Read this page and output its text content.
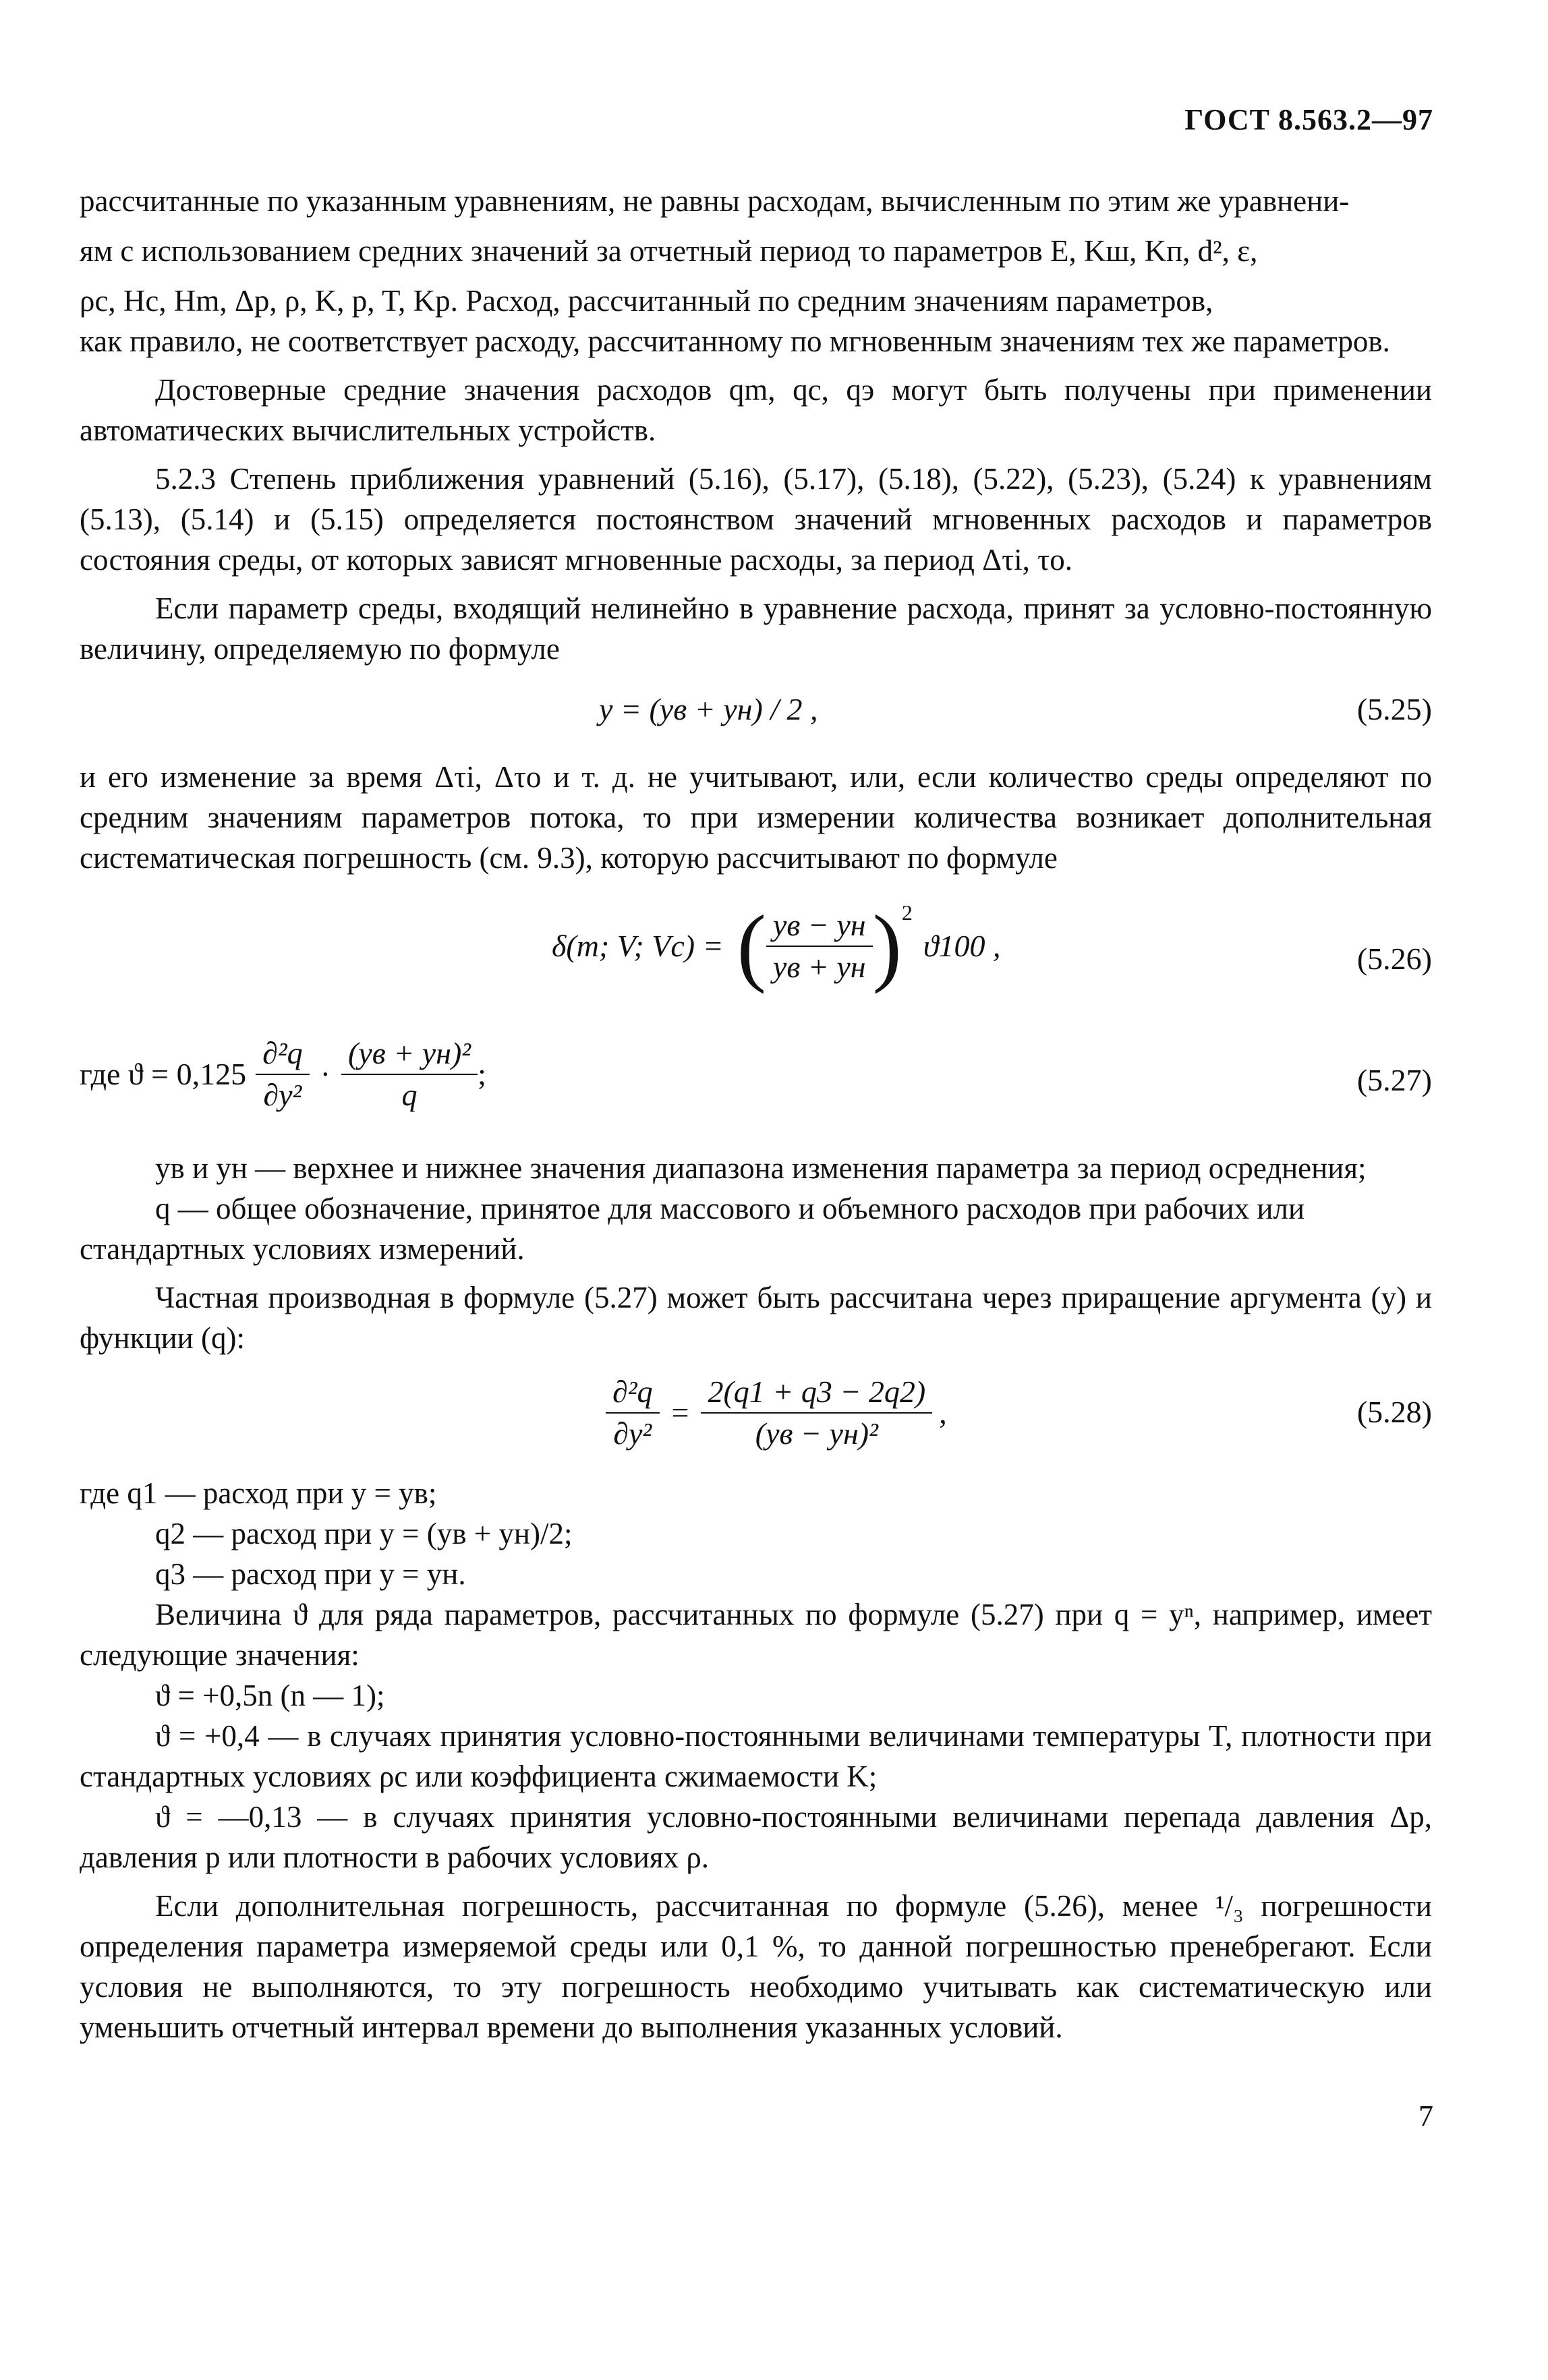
ГОСТ 8.563.2—97

рассчитанные по указанным уравнениям, не равны расходам, вычисленным по этим же уравнени-

ям с использованием средних значений за отчетный период τо параметров E, Kш, Kп, d², ε,

ρс, Hс, Hm, Δp, ρ, K, p, T, Kр. Расход, рассчитанный по средним значениям параметров,

как правило, не соответствует расходу, рассчитанному по мгновенным значениям тех же параметров.

Достоверные средние значения расходов qm, qс, qэ могут быть получены при применении автоматических вычислительных устройств.

5.2.3 Степень приближения уравнений (5.16), (5.17), (5.18), (5.22), (5.23), (5.24) к уравнениям (5.13), (5.14) и (5.15) определяется постоянством значений мгновенных расходов и параметров состояния среды, от которых зависят мгновенные расходы, за период Δτi, τо.

Если параметр среды, входящий нелинейно в уравнение расхода, принят за условно-постоянную величину, определяемую по формуле

y = (yв + yн) / 2 ,	(5.25)

и его изменение за время Δτi, Δτо и т. д. не учитывают, или, если количество среды определяют по средним значениям параметров потока, то при измерении количества возникает дополнительная систематическая погрешность (см. 9.3), которую рассчитывают по формуле

δ(m; V; Vс) = ( $\frac{yв - yн}{yв + yн} )^2$
ϑ100 ,	(5.26)
где $ϑ = 0,125 \frac{\text{∂²q}}{\text{∂y²}} \cdot \frac{\text{(yв + yн)²}}{q}$ ;	(5.27)

yв и yн — верхнее и нижнее значения диапазона изменения параметра за период осреднения;

q — общее обозначение, принятое для массового и объемного расходов при рабочих или стандартных условиях измерений.

Частная производная в формуле (5.27) может быть рассчитана через приращение аргумента (y) и функции (q):

$\frac{\text{∂²q}}{\text{∂y²}} = \frac{2(q1 + q3 - 2q2)}{\text{(yв − yн)²}}$ ,	(5.28)

где q1 — расход при y = yв;

q2 — расход при y = (yв + yн)/2;

q3 — расход при y = yн.

Величина ϑ для ряда параметров, рассчитанных по формуле (5.27) при q = yⁿ, например, имеет следующие значения:

ϑ = +0,5n (n — 1);

ϑ = +0,4 — в случаях принятия условно-постоянными величинами температуры T, плотности при стандартных условиях ρс или коэффициента сжимаемости K;

ϑ = —0,13 — в случаях принятия условно-постоянными величинами перепада давления Δp, давления p или плотности в рабочих условиях ρ.

Если дополнительная погрешность, рассчитанная по формуле (5.26), менее ¹/₃ погрешности определения параметра измеряемой среды или 0,1 %, то данной погрешностью пренебрегают. Если условия не выполняются, то эту погрешность необходимо учитывать как систематическую или уменьшить отчетный интервал времени до выполнения указанных условий.

7
